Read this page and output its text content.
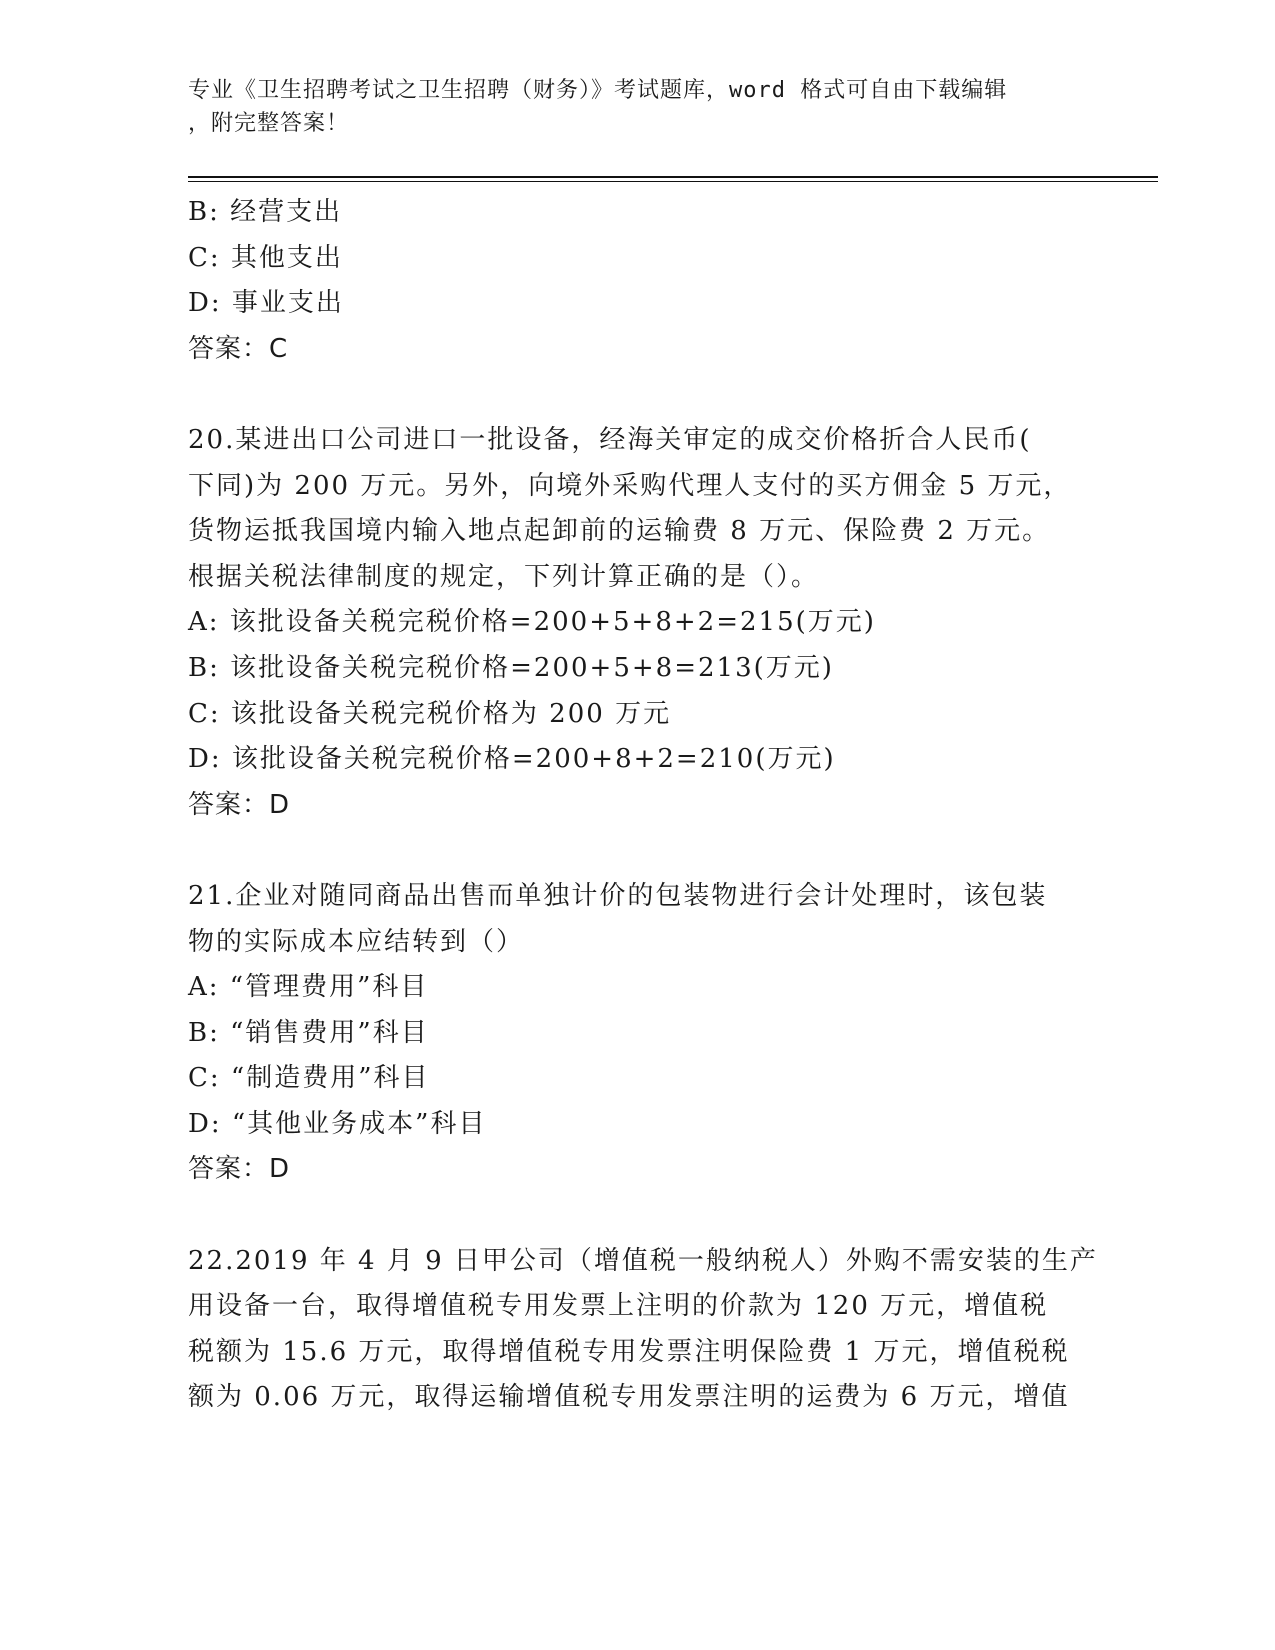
专业《卫生招聘考试之卫生招聘（财务）》考试题库，word 格式可自由下载编辑
，附完整答案！
B: 经营支出
C: 其他支出
D: 事业支出
答案：C
20.某进出口公司进口一批设备，经海关审定的成交价格折合人民币(
下同)为 200 万元。另外，向境外采购代理人支付的买方佣金 5 万元，
货物运抵我国境内输入地点起卸前的运输费 8 万元、保险费 2 万元。
根据关税法律制度的规定，下列计算正确的是（）。
A: 该批设备关税完税价格=200+5+8+2=215(万元)
B: 该批设备关税完税价格=200+5+8=213(万元)
C: 该批设备关税完税价格为 200 万元
D: 该批设备关税完税价格=200+8+2=210(万元)
答案：D
21.企业对随同商品出售而单独计价的包装物进行会计处理时，该包装
物的实际成本应结转到（）
A: “管理费用”科目
B: “销售费用”科目
C: “制造费用”科目
D: “其他业务成本”科目
答案：D
22.2019 年 4 月 9 日甲公司（增值税一般纳税人）外购不需安装的生产
用设备一台，取得增值税专用发票上注明的价款为 120 万元，增值税
税额为 15.6 万元，取得增值税专用发票注明保险费 1 万元，增值税税
额为 0.06 万元，取得运输增值税专用发票注明的运费为 6 万元，增值
